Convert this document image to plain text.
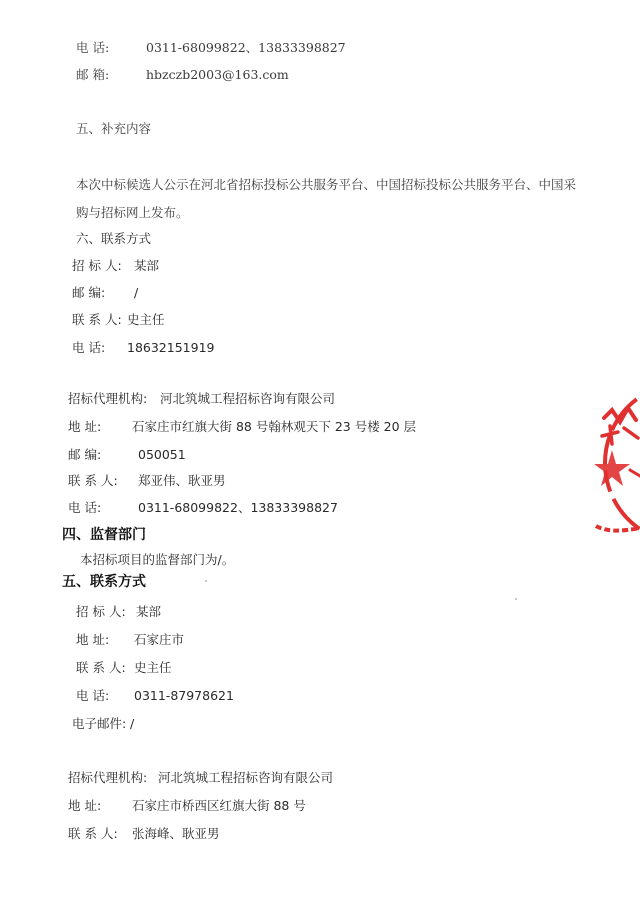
电 话:	0311-68099822、13833398827
邮 箱:	hbzczb2003@163.com
五、补充内容
本次中标候选人公示在河北省招标投标公共服务平台、中国招标投标公共服务平台、中国采
购与招标网上发布。
六、联系方式
招 标 人: 某部
邮 编: /
联 系 人: 史主任
电 话: 18632151919
招标代理机构: 河北筑城工程招标咨询有限公司
地 址: 石家庄市红旗大街 88 号翰林观天下 23 号楼 20 层
邮 编:	050051
联 系 人: 郑亚伟、耿亚男
电 话:	0311-68099822、13833398827
四、监督部门
本招标项目的监督部门为/。
五、联系方式
招 标 人: 某部
地 址: 石家庄市
联 系 人: 史主任
电 话: 0311-87978621
电子邮件: /
招标代理机构: 河北筑城工程招标咨询有限公司
地 址: 石家庄市桥西区红旗大街 88 号
联 系 人: 张海峰、耿亚男
